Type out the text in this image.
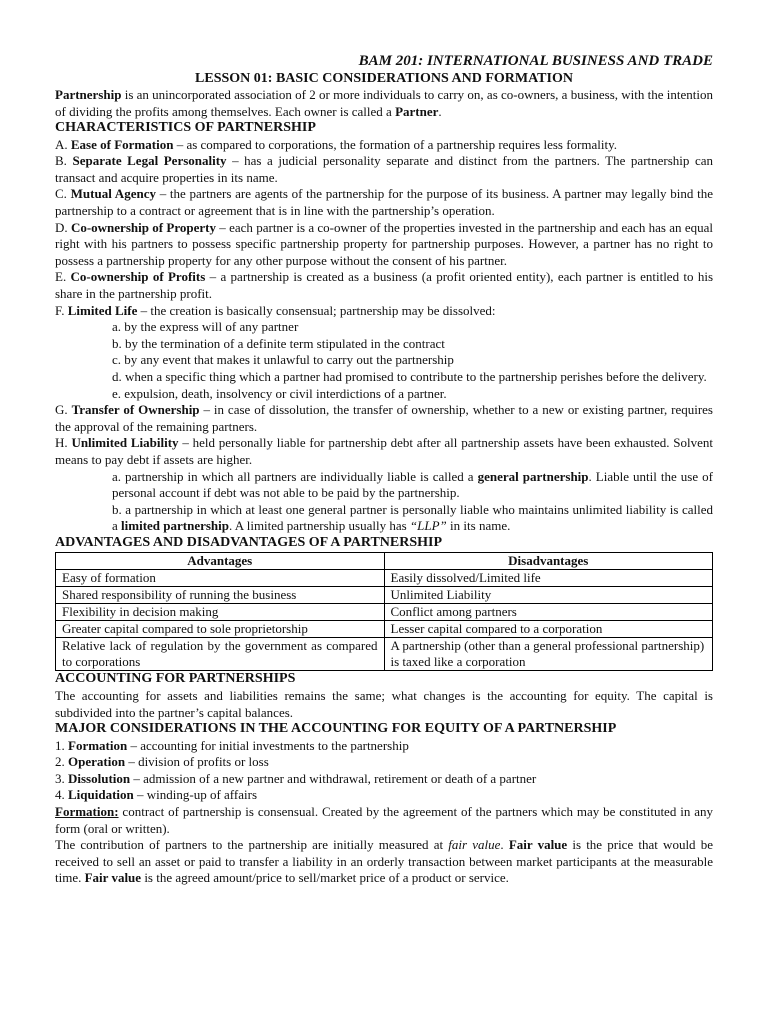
BAM 201: INTERNATIONAL BUSINESS AND TRADE
LESSON 01: BASIC CONSIDERATIONS AND FORMATION

Partnership is an unincorporated association of 2 or more individuals to carry on, as co-owners, a business, with the intention of dividing the profits among themselves. Each owner is called a Partner.

CHARACTERISTICS OF PARTNERSHIP

A. Ease of Formation – as compared to corporations, the formation of a partnership requires less formality.

B. Separate Legal Personality – has a judicial personality separate and distinct from the partners. The partnership can transact and acquire properties in its name.

C. Mutual Agency – the partners are agents of the partnership for the purpose of its business. A partner may legally bind the partnership to a contract or agreement that is in line with the partnership’s operation.

D. Co-ownership of Property – each partner is a co-owner of the properties invested in the partnership and each has an equal right with his partners to possess specific partnership property for partnership purposes. However, a partner has no right to possess a partnership property for any other purpose without the consent of his partner.

E. Co-ownership of Profits – a partnership is created as a business (a profit oriented entity), each partner is entitled to his share in the partnership profit.

F. Limited Life – the creation is basically consensual; partnership may be dissolved:

a. by the express will of any partner
b. by the termination of a definite term stipulated in the contract
c. by any event that makes it unlawful to carry out the partnership
d. when a specific thing which a partner had promised to contribute to the partnership perishes before the delivery.
e. expulsion, death, insolvency or civil interdictions of a partner.

G. Transfer of Ownership – in case of dissolution, the transfer of ownership, whether to a new or existing partner, requires the approval of the remaining partners.

H. Unlimited Liability – held personally liable for partnership debt after all partnership assets have been exhausted. Solvent means to pay debt if assets are higher.

a. partnership in which all partners are individually liable is called a general partnership. Liable until the use of personal account if debt was not able to be paid by the partnership.
b. a partnership in which at least one general partner is personally liable who maintains unlimited liability is called a limited partnership. A limited partnership usually has “LLP” in its name.
ADVANTAGES AND DISADVANTAGES OF A PARTNERSHIP
Advantages	Disadvantages
Easy of formation	Easily dissolved/Limited life
Shared responsibility of running the business	Unlimited Liability
Flexibility in decision making	Conflict among partners
Greater capital compared to sole proprietorship	Lesser capital compared to a corporation
Relative lack of regulation by the government as compared to corporations	A partnership (other than a general professional partnership) is taxed like a corporation
ACCOUNTING FOR PARTNERSHIPS

The accounting for assets and liabilities remains the same; what changes is the accounting for equity. The capital is subdivided into the partner’s capital balances.

MAJOR CONSIDERATIONS IN THE ACCOUNTING FOR EQUITY OF A PARTNERSHIP
1. Formation – accounting for initial investments to the partnership
2. Operation – division of profits or loss
3. Dissolution – admission of a new partner and withdrawal, retirement or death of a partner
4. Liquidation – winding-up of affairs

Formation: contract of partnership is consensual. Created by the agreement of the partners which may be constituted in any form (oral or written).

The contribution of partners to the partnership are initially measured at fair value. Fair value is the price that would be received to sell an asset or paid to transfer a liability in an orderly transaction between market participants at the measurable time. Fair value is the agreed amount/price to sell/market price of a product or service.
